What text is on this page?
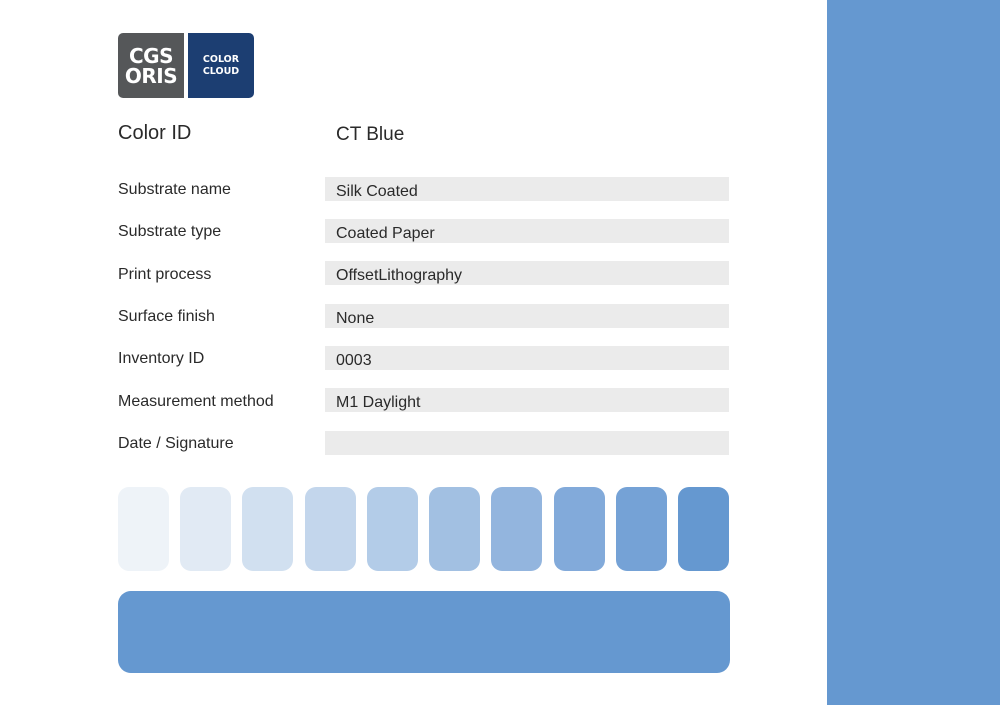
CGS
ORIS
COLOR
CLOUD
Color ID	CT Blue
Substrate name	Silk Coated
Substrate type	Coated Paper
Print process	OffsetLithography
Surface finish	None
Inventory ID	0003
Measurement method	M1 Daylight
Date / Signature
